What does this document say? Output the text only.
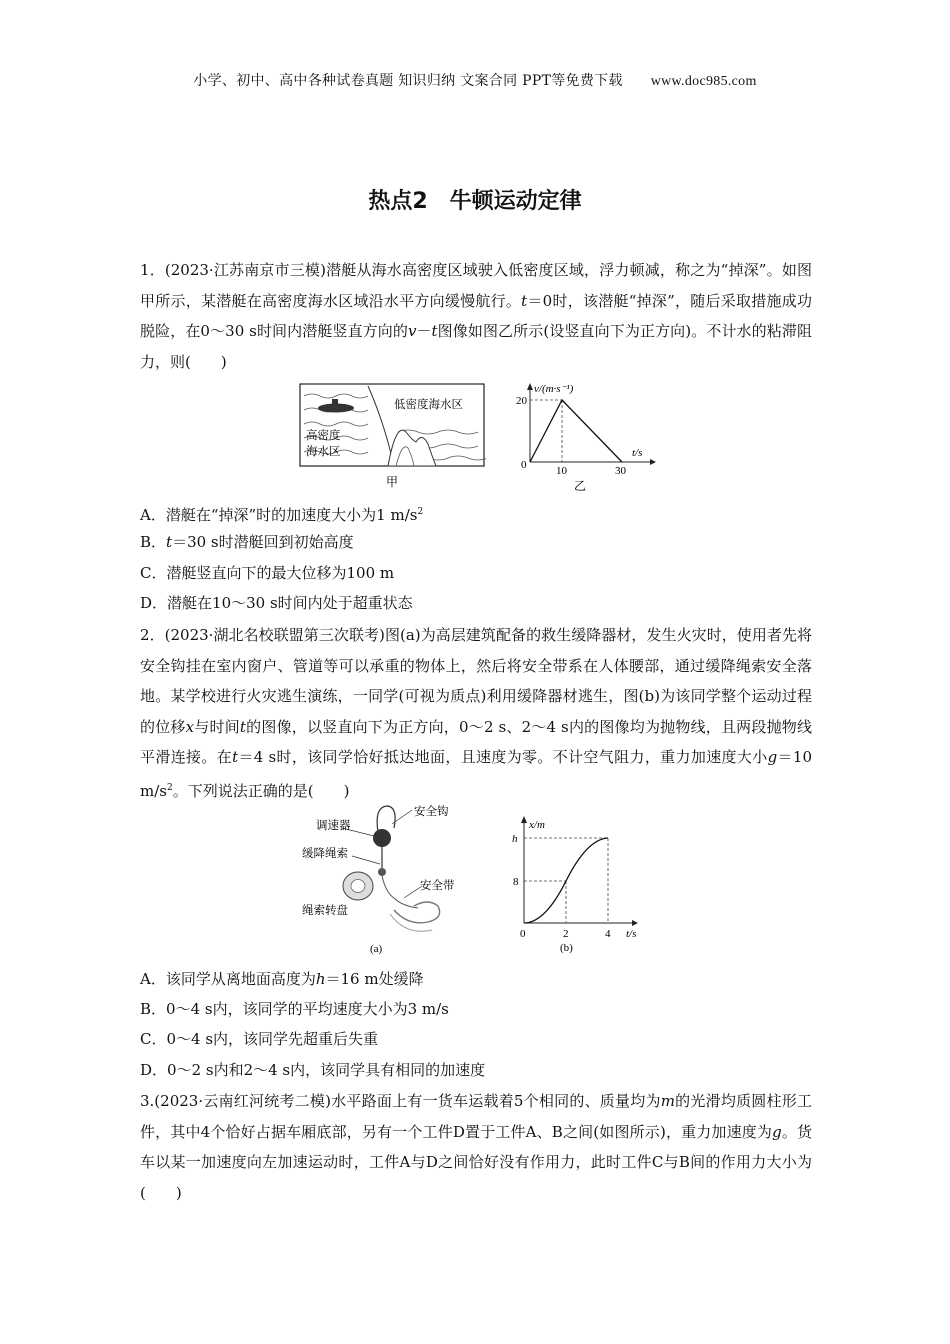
小学、初中、高中各种试卷真题 知识归纳 文案合同 PPT等免费下载 www.doc985.com
热点2　牛顿运动定律
1．(2023·江苏南京市三模)潜艇从海水高密度区域驶入低密度区域，浮力顿减，称之为“掉深”。如图甲所示，某潜艇在高密度海水区域沿水平方向缓慢航行。t＝0时，该潜艇“掉深”，随后采取措施成功脱险，在0～30 s时间内潜艇竖直方向的v－t图像如图乙所示(设竖直向下为正方向)。不计水的粘滞阻力，则(　　)
低密度海水区
高密度
海水区
甲
v/(m·s⁻¹)
20
0	10	30
t/s
乙
A．潜艇在“掉深”时的加速度大小为1 $m/s^2$
B．t＝30 s时潜艇回到初始高度
C．潜艇竖直向下的最大位移为100 m
D．潜艇在10～30 s时间内处于超重状态
2．(2023·湖北名校联盟第三次联考)图(a)为高层建筑配备的救生缓降器材，发生火灾时，使用者先将安全钩挂在室内窗户、管道等可以承重的物体上，然后将安全带系在人体腰部，通过缓降绳索安全落地。某学校进行火灾逃生演练，一同学(可视为质点)利用缓降器材逃生，图(b)为该同学整个运动过程的位移x与时间t的图像，以竖直向下为正方向，0～2 s、2～4 s内的图像均为抛物线，且两段抛物线平滑连接。在t＝4 s时，该同学恰好抵达地面，且速度为零。不计空气阻力，重力加速度大小g＝10 $m/s^2$。下列说法正确的是(　　)
调速器
安全钩
缓降绳索
安全带
绳索转盘
(a)
x/m
h
8
0	2	4 t/s
(b)
A．该同学从离地面高度为h＝16 m处缓降
B．0～4 s内，该同学的平均速度大小为3 m/s
C．0～4 s内，该同学先超重后失重
D．0～2 s内和2～4 s内，该同学具有相同的加速度
3.(2023·云南红河统考二模)水平路面上有一货车运载着5个相同的、质量均为m的光滑均质圆柱形工件，其中4个恰好占据车厢底部，另有一个工件D置于工件A、B之间(如图所示)，重力加速度为g。货车以某一加速度向左加速运动时，工件A与D之间恰好没有作用力，此时工件C与B间的作用力大小为(　　)
